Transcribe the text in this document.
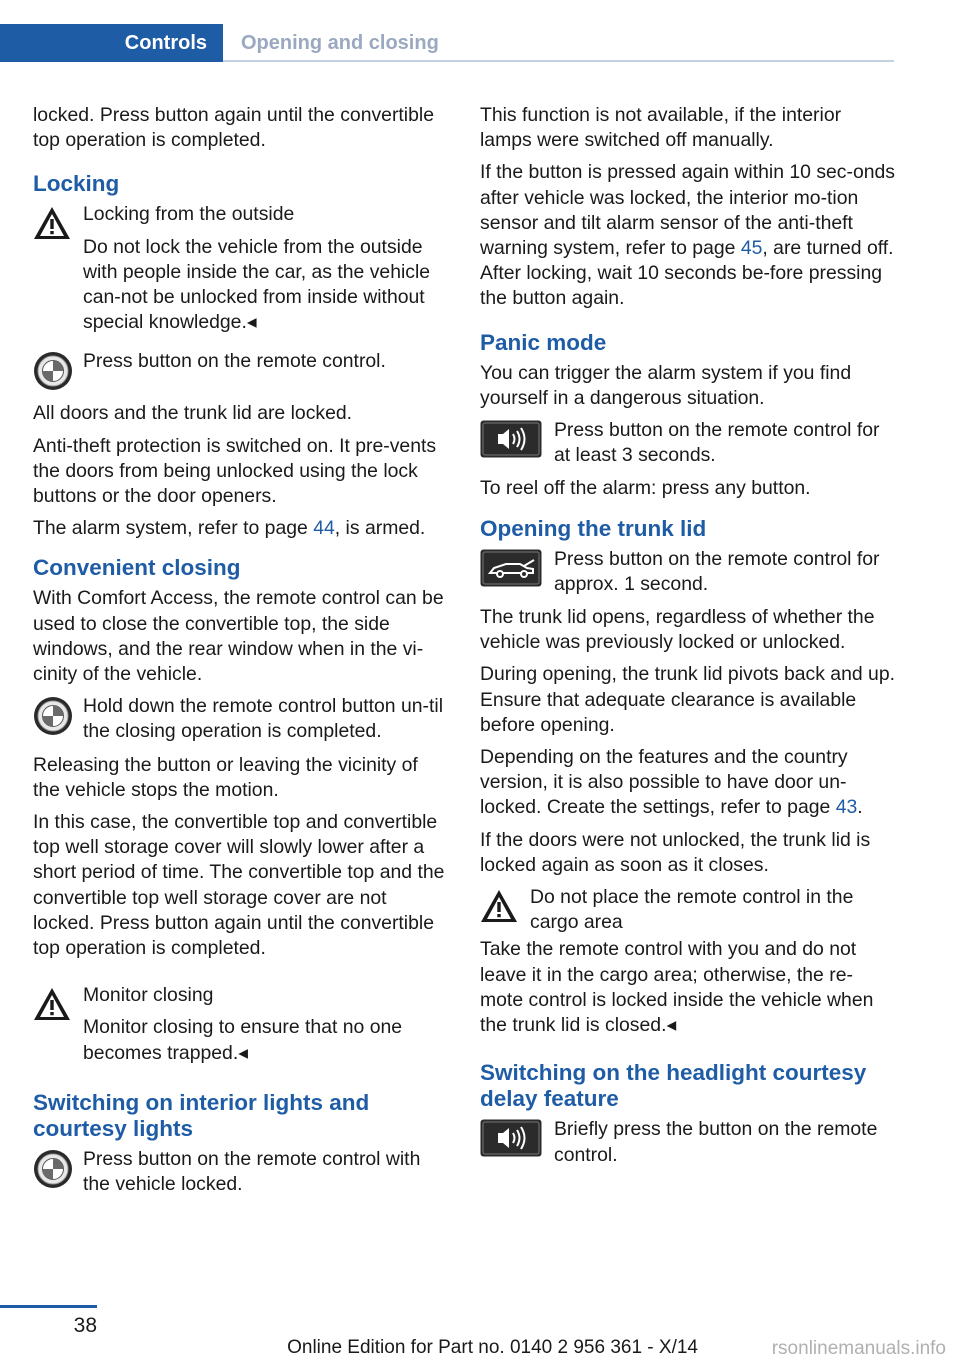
Controls	Opening and closing

locked. Press button again until the convertible top operation is completed.

Locking
Locking from the outside
Do not lock the vehicle from the outside with people inside the car, as the vehicle can‐not be unlocked from inside without special knowledge.◂
Press button on the remote control.

All doors and the trunk lid are locked.

Anti-theft protection is switched on. It pre‐vents the doors from being unlocked using the lock buttons or the door openers.

The alarm system, refer to page 44, is armed.

Convenient closing

With Comfort Access, the remote control can be used to close the convertible top, the side windows, and the rear window when in the vi‐cinity of the vehicle.

Hold down the remote control button un‐til the closing operation is completed.

Releasing the button or leaving the vicinity of the vehicle stops the motion.

In this case, the convertible top and convertible top well storage cover will slowly lower after a short period of time. The convertible top and the convertible top well storage cover are not locked. Press button again until the convertible top operation is completed.

Monitor closing
Monitor closing to ensure that no one becomes trapped.◂
Switching on interior lights and courtesy lights
Press button on the remote control with the vehicle locked.

This function is not available, if the interior lamps were switched off manually.

If the button is pressed again within 10 sec‐onds after vehicle was locked, the interior mo‐tion sensor and tilt alarm sensor of the anti-theft warning system, refer to page 45, are turned off. After locking, wait 10 seconds be‐fore pressing the button again.

Panic mode

You can trigger the alarm system if you find yourself in a dangerous situation.

Press button on the remote control for at least 3 seconds.

To reel off the alarm: press any button.

Opening the trunk lid
Press button on the remote control for approx. 1 second.

The trunk lid opens, regardless of whether the vehicle was previously locked or unlocked.

During opening, the trunk lid pivots back and up. Ensure that adequate clearance is available before opening.

Depending on the features and the country version, it is also possible to have door un‐locked. Create the settings, refer to page 43.

If the doors were not unlocked, the trunk lid is locked again as soon as it closes.

Do not place the remote control in the cargo area

Take the remote control with you and do not leave it in the cargo area; otherwise, the re‐mote control is locked inside the vehicle when the trunk lid is closed.◂

Switching on the headlight courtesy delay feature
Briefly press the button on the remote control.
38
Online Edition for Part no. 0140 2 956 361 - X/14	rsonlinemanuals.info
